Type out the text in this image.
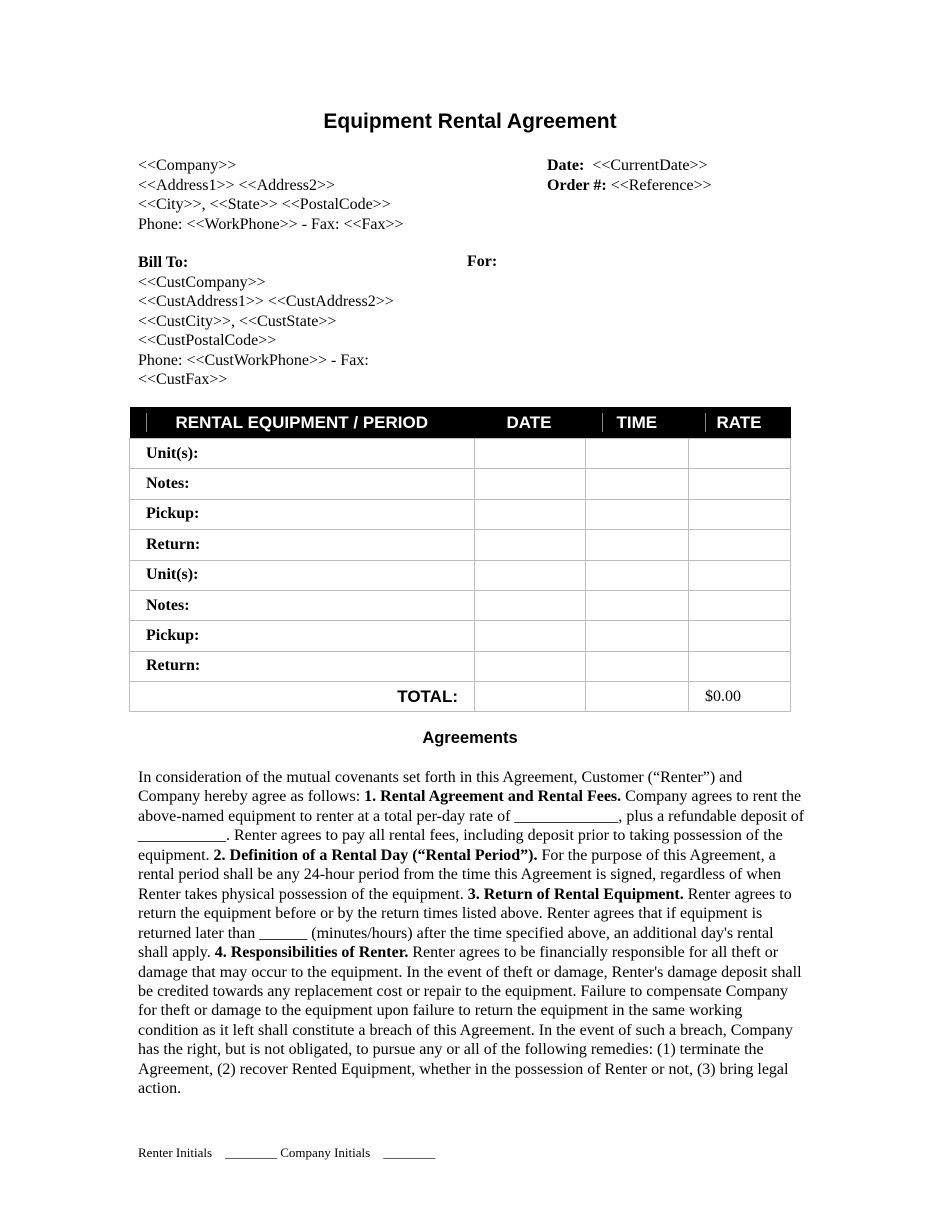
Equipment Rental Agreement
<<Company>>
<<Address1>> <<Address2>>
<<City>>, <<State>> <<PostalCode>>
Phone: <<WorkPhone>> - Fax: <<Fax>>
Date: <<CurrentDate>>
Order #: <<Reference>>
Bill To:
<<CustCompany>>
<<CustAddress1>> <<CustAddress2>>
<<CustCity>>, <<CustState>>
<<CustPostalCode>>
Phone: <<CustWorkPhone>> - Fax:
<<CustFax>>
For:
RENTAL EQUIPMENT / PERIOD	DATE	TIME	RATE
Unit(s):			
Notes:			
Pickup:			
Return:			
Unit(s):			
Notes:			
Pickup:			
Return:			
TOTAL:			$0.00
Agreements
In consideration of the mutual covenants set forth in this Agreement, Customer (“Renter”) and Company hereby agree as follows: 1. Rental Agreement and Rental Fees. Company agrees to rent the above-named equipment to renter at a total per-day rate of _____________, plus a refundable deposit of ___________. Renter agrees to pay all rental fees, including deposit prior to taking possession of the equipment. 2. Definition of a Rental Day (“Rental Period”). For the purpose of this Agreement, a rental period shall be any 24-hour period from the time this Agreement is signed, regardless of when Renter takes physical possession of the equipment. 3. Return of Rental Equipment. Renter agrees to return the equipment before or by the return times listed above. Renter agrees that if equipment is returned later than ______ (minutes/hours) after the time specified above, an additional day's rental shall apply. 4. Responsibilities of Renter. Renter agrees to be financially responsible for all theft or damage that may occur to the equipment. In the event of theft or damage, Renter's damage deposit shall be credited towards any replacement cost or repair to the equipment. Failure to compensate Company for theft or damage to the equipment upon failure to return the equipment in the same working condition as it left shall constitute a breach of this Agreement. In the event of such a breach, Company has the right, but is not obligated, to pursue any or all of the following remedies: (1) terminate the Agreement, (2) recover Rented Equipment, whether in the possession of Renter or not, (3) bring legal action.
Renter Initials ________ Company Initials ________
